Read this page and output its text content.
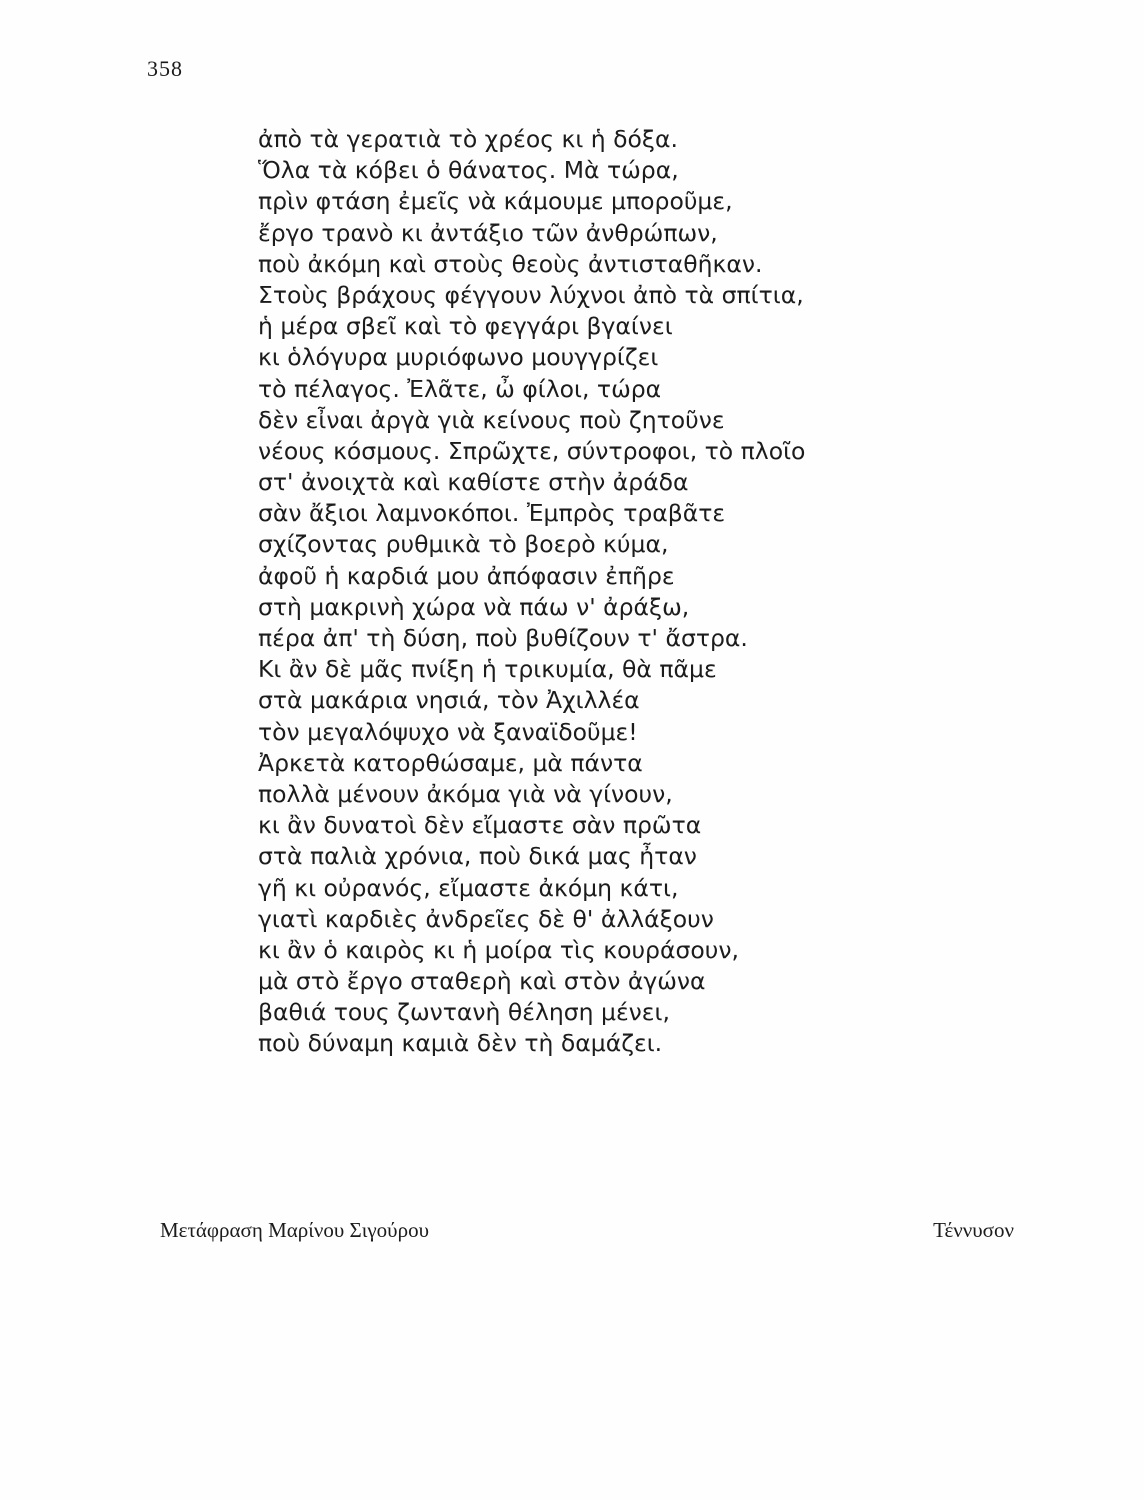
358
ἀπὸ τὰ γερατιὰ τὸ χρέος κι ἡ δόξα.
Ὅλα τὰ κόβει ὁ θάνατος. Μὰ τώρα,
πρὶν φτάση ἐμεῖς νὰ κάμουμε μποροῦμε,
ἔργο τρανὸ κι ἀντάξιο τῶν ἀνθρώπων,
ποὺ ἀκόμη καὶ στοὺς θεοὺς ἀντισταθῆκαν.
Στοὺς βράχους φέγγουν λύχνοι ἀπὸ τὰ σπίτια,
ἡ μέρα σβεῖ καὶ τὸ φεγγάρι βγαίνει
κι ὁλόγυρα μυριόφωνο μουγγρίζει
τὸ πέλαγος. Ἐλᾶτε, ὦ φίλοι, τώρα
δὲν εἶναι ἀργὰ γιὰ κείνους ποὺ ζητοῦνε
νέους κόσμους. Σπρῶχτε, σύντροφοι, τὸ πλοῖο
στ' ἀνοιχτὰ καὶ καθίστε στὴν ἀράδα
σὰν ἄξιοι λαμνοκόποι. Ἐμπρὸς τραβᾶτε
σχίζοντας ρυθμικὰ τὸ βοερὸ κύμα,
ἀφοῦ ἡ καρδιά μου ἀπόφασιν ἐπῆρε
στὴ μακρινὴ χώρα νὰ πάω ν' ἀράξω,
πέρα ἀπ' τὴ δύση, ποὺ βυθίζουν τ' ἄστρα.
Κι ἂν δὲ μᾶς πνίξη ἡ τρικυμία, θὰ πᾶμε
στὰ μακάρια νησιά, τὸν Ἀχιλλέα
τὸν μεγαλόψυχο νὰ ξαναϊδοῦμε!
Ἀρκετὰ κατορθώσαμε, μὰ πάντα
πολλὰ μένουν ἀκόμα γιὰ νὰ γίνουν,
κι ἂν δυνατοὶ δὲν εἴμαστε σὰν πρῶτα
στὰ παλιὰ χρόνια, ποὺ δικά μας ἦταν
γῆ κι οὐρανός, εἴμαστε ἀκόμη κάτι,
γιατὶ καρδιὲς ἀνδρεῖες δὲ θ' ἀλλάξουν
κι ἂν ὁ καιρὸς κι ἡ μοίρα τὶς κουράσουν,
μὰ στὸ ἔργο σταθερὴ καὶ στὸν ἀγώνα
βαθιά τους ζωντανὴ θέληση μένει,
ποὺ δύναμη καμιὰ δὲν τὴ δαμάζει.
Μετάφραση Μαρίνου Σιγούρου	Τέννυσον
